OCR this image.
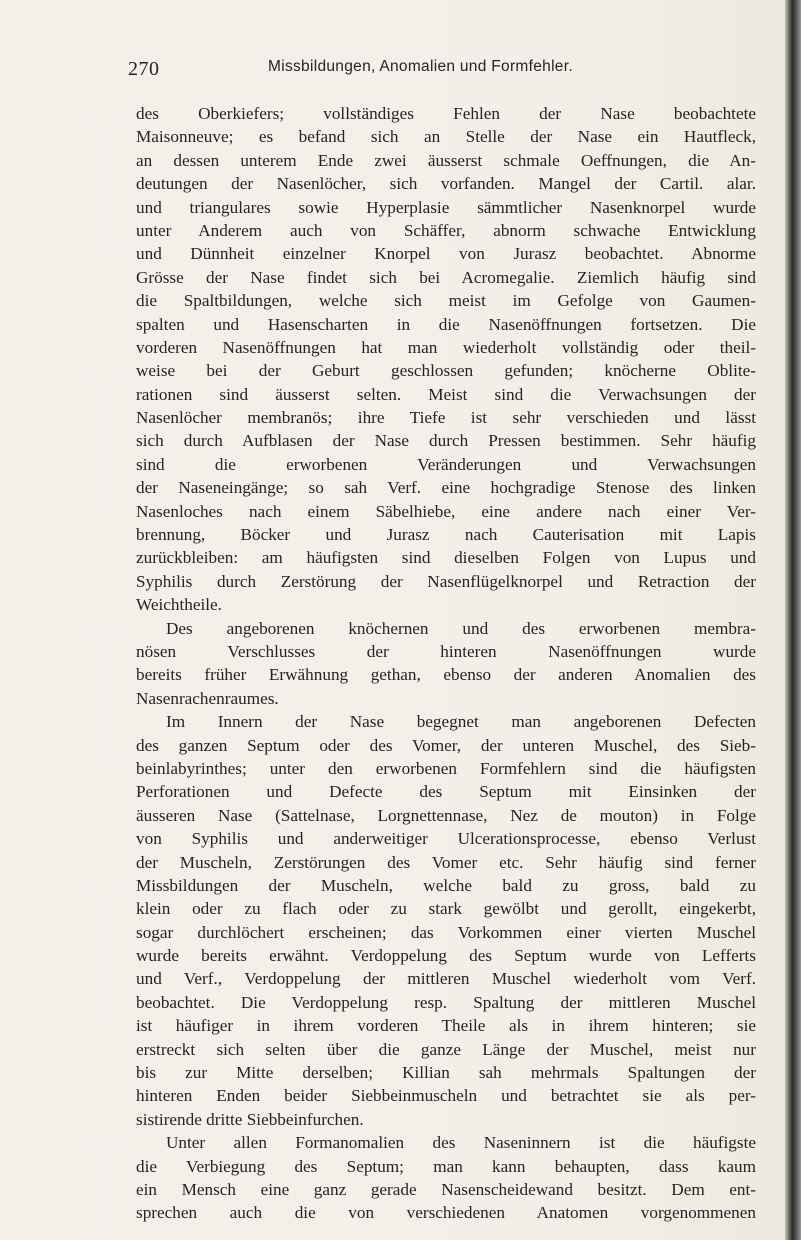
270	Missbildungen, Anomalien und Formfehler.
des Oberkiefers; vollständiges Fehlen der Nase beobachtete
Maisonneuve; es befand sich an Stelle der Nase ein Hautfleck,
an dessen unterem Ende zwei äusserst schmale Oeffnungen, die An-
deutungen der Nasenlöcher, sich vorfanden. Mangel der Cartil. alar.
und triangulares sowie Hyperplasie sämmtlicher Nasenknorpel wurde
unter Anderem auch von Schäffer, abnorm schwache Entwicklung
und Dünnheit einzelner Knorpel von Jurasz beobachtet. Abnorme
Grösse der Nase findet sich bei Acromegalie. Ziemlich häufig sind
die Spaltbildungen, welche sich meist im Gefolge von Gaumen-
spalten und Hasenscharten in die Nasenöffnungen fortsetzen. Die
vorderen Nasenöffnungen hat man wiederholt vollständig oder theil-
weise bei der Geburt geschlossen gefunden; knöcherne Oblite-
rationen sind äusserst selten. Meist sind die Verwachsungen der
Nasenlöcher membranös; ihre Tiefe ist sehr verschieden und lässt
sich durch Aufblasen der Nase durch Pressen bestimmen. Sehr häufig
sind die erworbenen Veränderungen und Verwachsungen
der Naseneingänge; so sah Verf. eine hochgradige Stenose des linken
Nasenloches nach einem Säbelhiebe, eine andere nach einer Ver-
brennung, Böcker und Jurasz nach Cauterisation mit Lapis
zurückbleiben: am häufigsten sind dieselben Folgen von Lupus und
Syphilis durch Zerstörung der Nasenflügelknorpel und Retraction der
Weichtheile.
Des angeborenen knöchernen und des erworbenen membra-
nösen Verschlusses der hinteren Nasenöffnungen wurde
bereits früher Erwähnung gethan, ebenso der anderen Anomalien des
Nasenrachenraumes.
Im Innern der Nase begegnet man angeborenen Defecten
des ganzen Septum oder des Vomer, der unteren Muschel, des Sieb-
beinlabyrinthes; unter den erworbenen Formfehlern sind die häufigsten
Perforationen und Defecte des Septum mit Einsinken der
äusseren Nase (Sattelnase, Lorgnettennase, Nez de mouton) in Folge
von Syphilis und anderweitiger Ulcerationsprocesse, ebenso Verlust
der Muscheln, Zerstörungen des Vomer etc. Sehr häufig sind ferner
Missbildungen der Muscheln, welche bald zu gross, bald zu
klein oder zu flach oder zu stark gewölbt und gerollt, eingekerbt,
sogar durchlöchert erscheinen; das Vorkommen einer vierten Muschel
wurde bereits erwähnt. Verdoppelung des Septum wurde von Lefferts
und Verf., Verdoppelung der mittleren Muschel wiederholt vom Verf.
beobachtet. Die Verdoppelung resp. Spaltung der mittleren Muschel
ist häufiger in ihrem vorderen Theile als in ihrem hinteren; sie
erstreckt sich selten über die ganze Länge der Muschel, meist nur
bis zur Mitte derselben; Killian sah mehrmals Spaltungen der
hinteren Enden beider Siebbeinmuscheln und betrachtet sie als per-
sistirende dritte Siebbeinfurchen.
Unter allen Formanomalien des Naseninnern ist die häufigste
die Verbiegung des Septum; man kann behaupten, dass kaum
ein Mensch eine ganz gerade Nasenscheidewand besitzt. Dem ent-
sprechen auch die von verschiedenen Anatomen vorgenommenen
